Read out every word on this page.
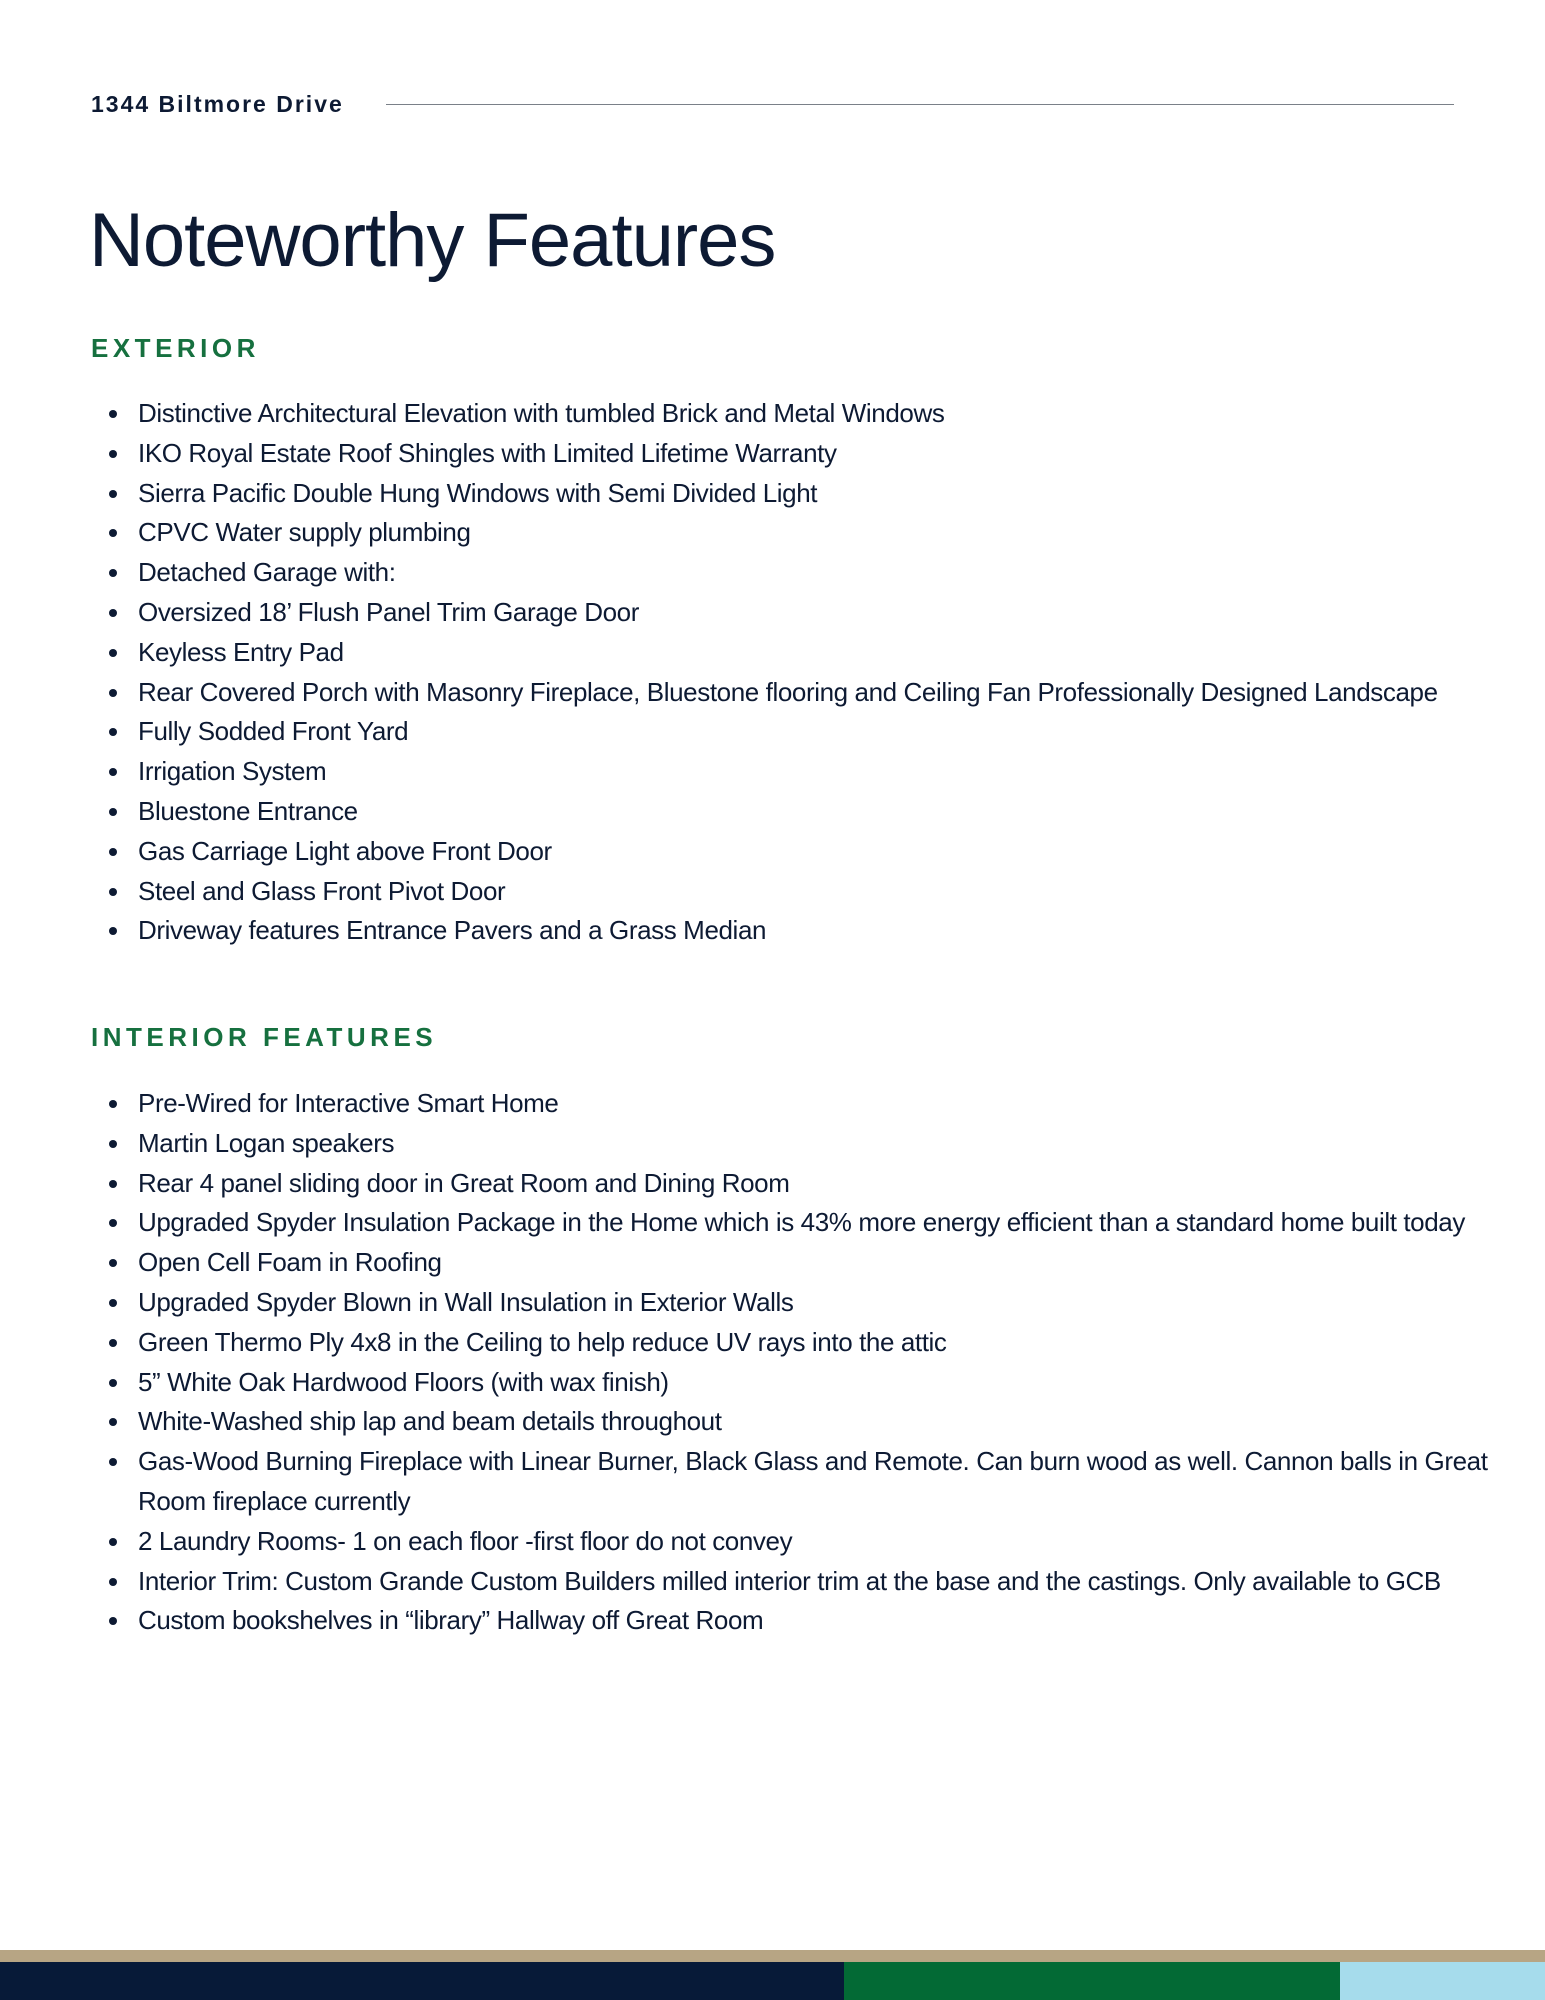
1344 Biltmore Drive
Noteworthy Features
EXTERIOR
Distinctive Architectural Elevation with tumbled Brick and Metal Windows
IKO Royal Estate Roof Shingles with Limited Lifetime Warranty
Sierra Pacific Double Hung Windows with Semi Divided Light
CPVC Water supply plumbing
Detached Garage with:
Oversized 18’ Flush Panel Trim Garage Door
Keyless Entry Pad
Rear Covered Porch with Masonry Fireplace, Bluestone flooring and Ceiling Fan Professionally Designed Landscape
Fully Sodded Front Yard
Irrigation System
Bluestone Entrance
Gas Carriage Light above Front Door
Steel and Glass Front Pivot Door
Driveway features Entrance Pavers and a Grass Median
INTERIOR FEATURES
Pre-Wired for Interactive Smart Home
Martin Logan speakers
Rear 4 panel sliding door in Great Room and Dining Room
Upgraded Spyder Insulation Package in the Home which is 43% more energy efficient than a standard home built today
Open Cell Foam in Roofing
Upgraded Spyder Blown in Wall Insulation in Exterior Walls
Green Thermo Ply 4x8 in the Ceiling to help reduce UV rays into the attic
5” White Oak Hardwood Floors (with wax finish)
White-Washed ship lap and beam details throughout
Gas-Wood Burning Fireplace with Linear Burner, Black Glass and Remote. Can burn wood as well. Cannon balls in Great Room fireplace currently
2 Laundry Rooms- 1 on each floor -first floor do not convey
Interior Trim: Custom Grande Custom Builders milled interior trim at the base and the castings. Only available to GCB
Custom bookshelves in “library” Hallway off Great Room
